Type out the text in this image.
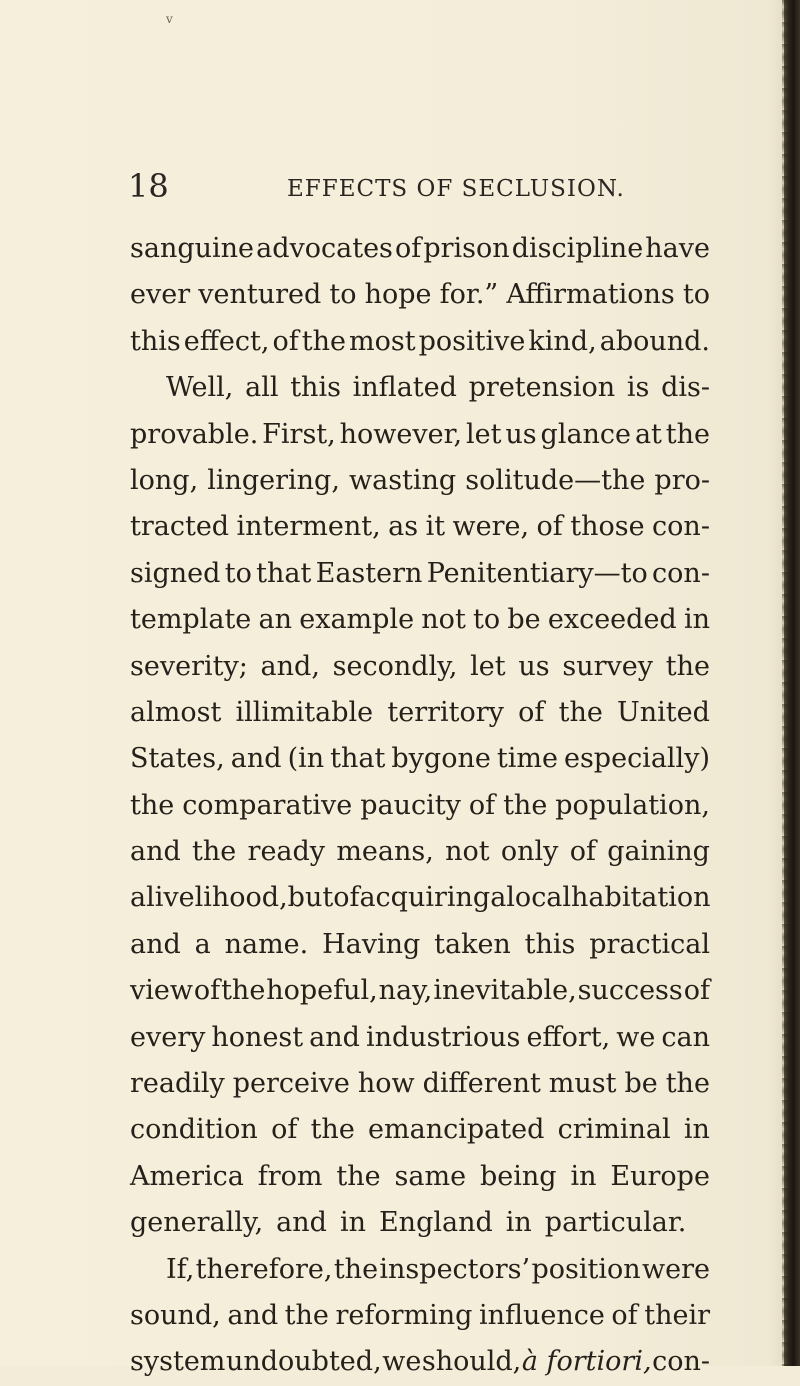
v
18	EFFECTS OF SECLUSION.
sanguine advocates of prison discipline have
ever ventured to hope for.” Affirmations to
this effect, of the most positive kind, abound.
Well, all this inflated pretension is dis-
provable. First, however, let us glance at the
long, lingering, wasting solitude—the pro-
tracted interment, as it were, of those con-
signed to that Eastern Penitentiary—to con-
template an example not to be exceeded in
severity; and, secondly, let us survey the
almost illimitable territory of the United
States, and (in that bygone time especially)
the comparative paucity of the population,
and the ready means, not only of gaining
a livelihood, but of acquiring a local habitation
and a name. Having taken this practical
view of the hopeful, nay, inevitable, success of
every honest and industrious effort, we can
readily perceive how different must be the
condition of the emancipated criminal in
America from the same being in Europe
generally, and in England in particular.
If, therefore, the inspectors’ position were
sound, and the reforming influence of their
system undoubted, we should, à fortiori, con-
